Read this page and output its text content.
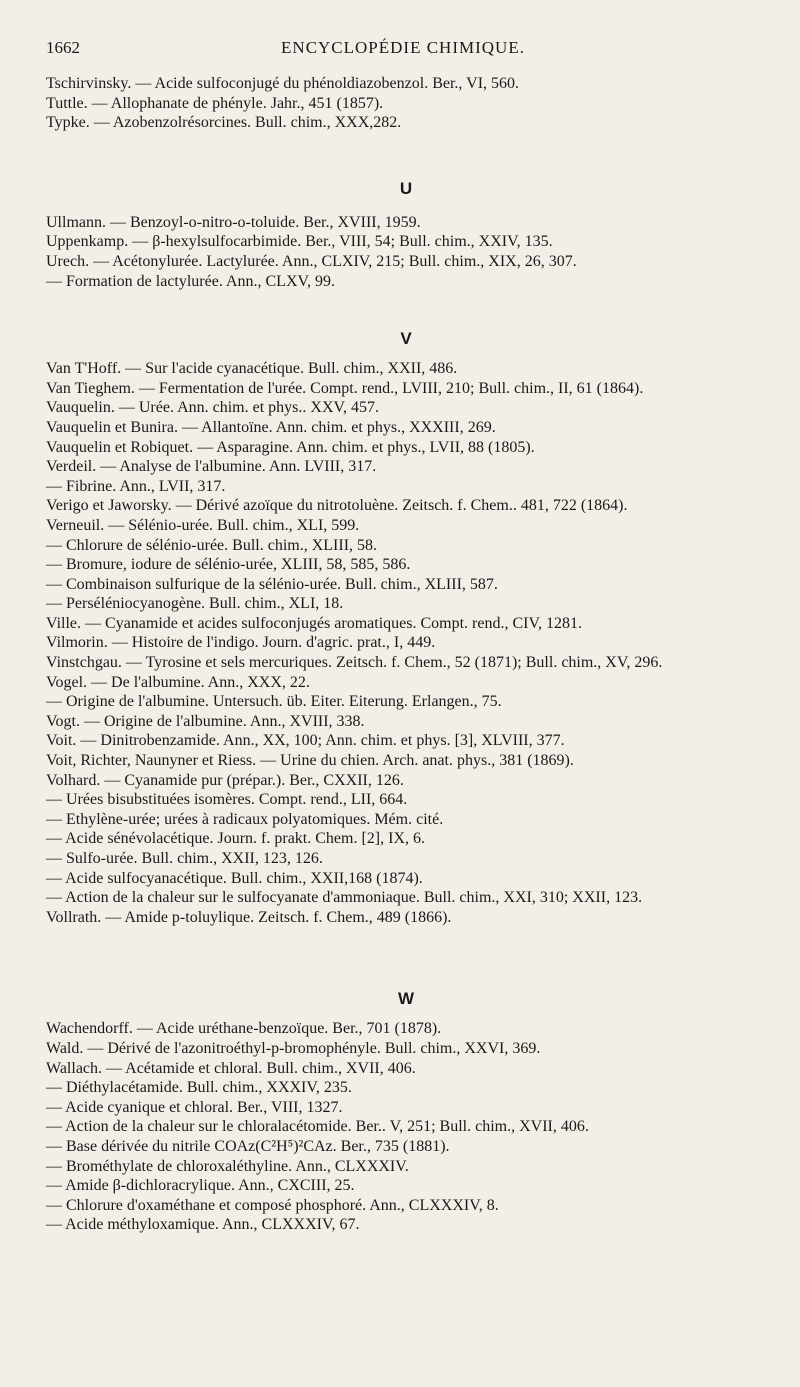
1662	ENCYCLOPÉDIE CHIMIQUE.

Tschirvinsky. — Acide sulfoconjugé du phénoldiazobenzol. Ber., VI, 560.

Tuttle. — Allophanate de phényle. Jahr., 451 (1857).

Typke. — Azobenzolrésorcines. Bull. chim., XXX,282.

U

Ullmann. — Benzoyl-o-nitro-o-toluide. Ber., XVIII, 1959.

Uppenkamp. — β-hexylsulfocarbimide. Ber., VIII, 54; Bull. chim., XXIV, 135.

Urech. — Acétonylurée. Lactylurée. Ann., CLXIV, 215; Bull. chim., XIX, 26, 307.

— Formation de lactylurée. Ann., CLXV, 99.

V

Van T'Hoff. — Sur l'acide cyanacétique. Bull. chim., XXII, 486.

Van Tieghem. — Fermentation de l'urée. Compt. rend., LVIII, 210; Bull. chim., II, 61 (1864).

Vauquelin. — Urée. Ann. chim. et phys.. XXV, 457.

Vauquelin et Bunira. — Allantoïne. Ann. chim. et phys., XXXIII, 269.

Vauquelin et Robiquet. — Asparagine. Ann. chim. et phys., LVII, 88 (1805).

Verdeil. — Analyse de l'albumine. Ann. LVIII, 317.

— Fibrine. Ann., LVII, 317.

Verigo et Jaworsky. — Dérivé azoïque du nitrotoluène. Zeitsch. f. Chem.. 481, 722 (1864).

Verneuil. — Sélénio-urée. Bull. chim., XLI, 599.

— Chlorure de sélénio-urée. Bull. chim., XLIII, 58.

— Bromure, iodure de sélénio-urée, XLIII, 58, 585, 586.

— Combinaison sulfurique de la sélénio-urée. Bull. chim., XLIII, 587.

— Perséléniocyanogène. Bull. chim., XLI, 18.

Ville. — Cyanamide et acides sulfoconjugés aromatiques. Compt. rend., CIV, 1281.

Vilmorin. — Histoire de l'indigo. Journ. d'agric. prat., I, 449.

Vinstchgau. — Tyrosine et sels mercuriques. Zeitsch. f. Chem., 52 (1871); Bull. chim., XV, 296.

Vogel. — De l'albumine. Ann., XXX, 22.

— Origine de l'albumine. Untersuch. üb. Eiter. Eiterung. Erlangen., 75.

Vogt. — Origine de l'albumine. Ann., XVIII, 338.

Voit. — Dinitrobenzamide. Ann., XX, 100; Ann. chim. et phys. [3], XLVIII, 377.

Voit, Richter, Naunyner et Riess. — Urine du chien. Arch. anat. phys., 381 (1869).

Volhard. — Cyanamide pur (prépar.). Ber., CXXII, 126.

— Urées bisubstituées isomères. Compt. rend., LII, 664.

— Ethylène-urée; urées à radicaux polyatomiques. Mém. cité.

— Acide sénévolacétique. Journ. f. prakt. Chem. [2], IX, 6.

— Sulfo-urée. Bull. chim., XXII, 123, 126.

— Acide sulfocyanacétique. Bull. chim., XXII,168 (1874).

— Action de la chaleur sur le sulfocyanate d'ammoniaque. Bull. chim., XXI, 310; XXII, 123.

Vollrath. — Amide p-toluylique. Zeitsch. f. Chem., 489 (1866).

W

Wachendorff. — Acide uréthane-benzoïque. Ber., 701 (1878).

Wald. — Dérivé de l'azonitroéthyl-p-bromophényle. Bull. chim., XXVI, 369.

Wallach. — Acétamide et chloral. Bull. chim., XVII, 406.

— Diéthylacétamide. Bull. chim., XXXIV, 235.

— Acide cyanique et chloral. Ber., VIII, 1327.

— Action de la chaleur sur le chloralacétomide. Ber.. V, 251; Bull. chim., XVII, 406.

— Base dérivée du nitrile COAz(C²H⁵)²CAz. Ber., 735 (1881).

— Brométhylate de chloroxaléthyline. Ann., CLXXXIV.

— Amide β-dichloracrylique. Ann., CXCIII, 25.

— Chlorure d'oxaméthane et composé phosphoré. Ann., CLXXXIV, 8.

— Acide méthyloxamique. Ann., CLXXXIV, 67.
